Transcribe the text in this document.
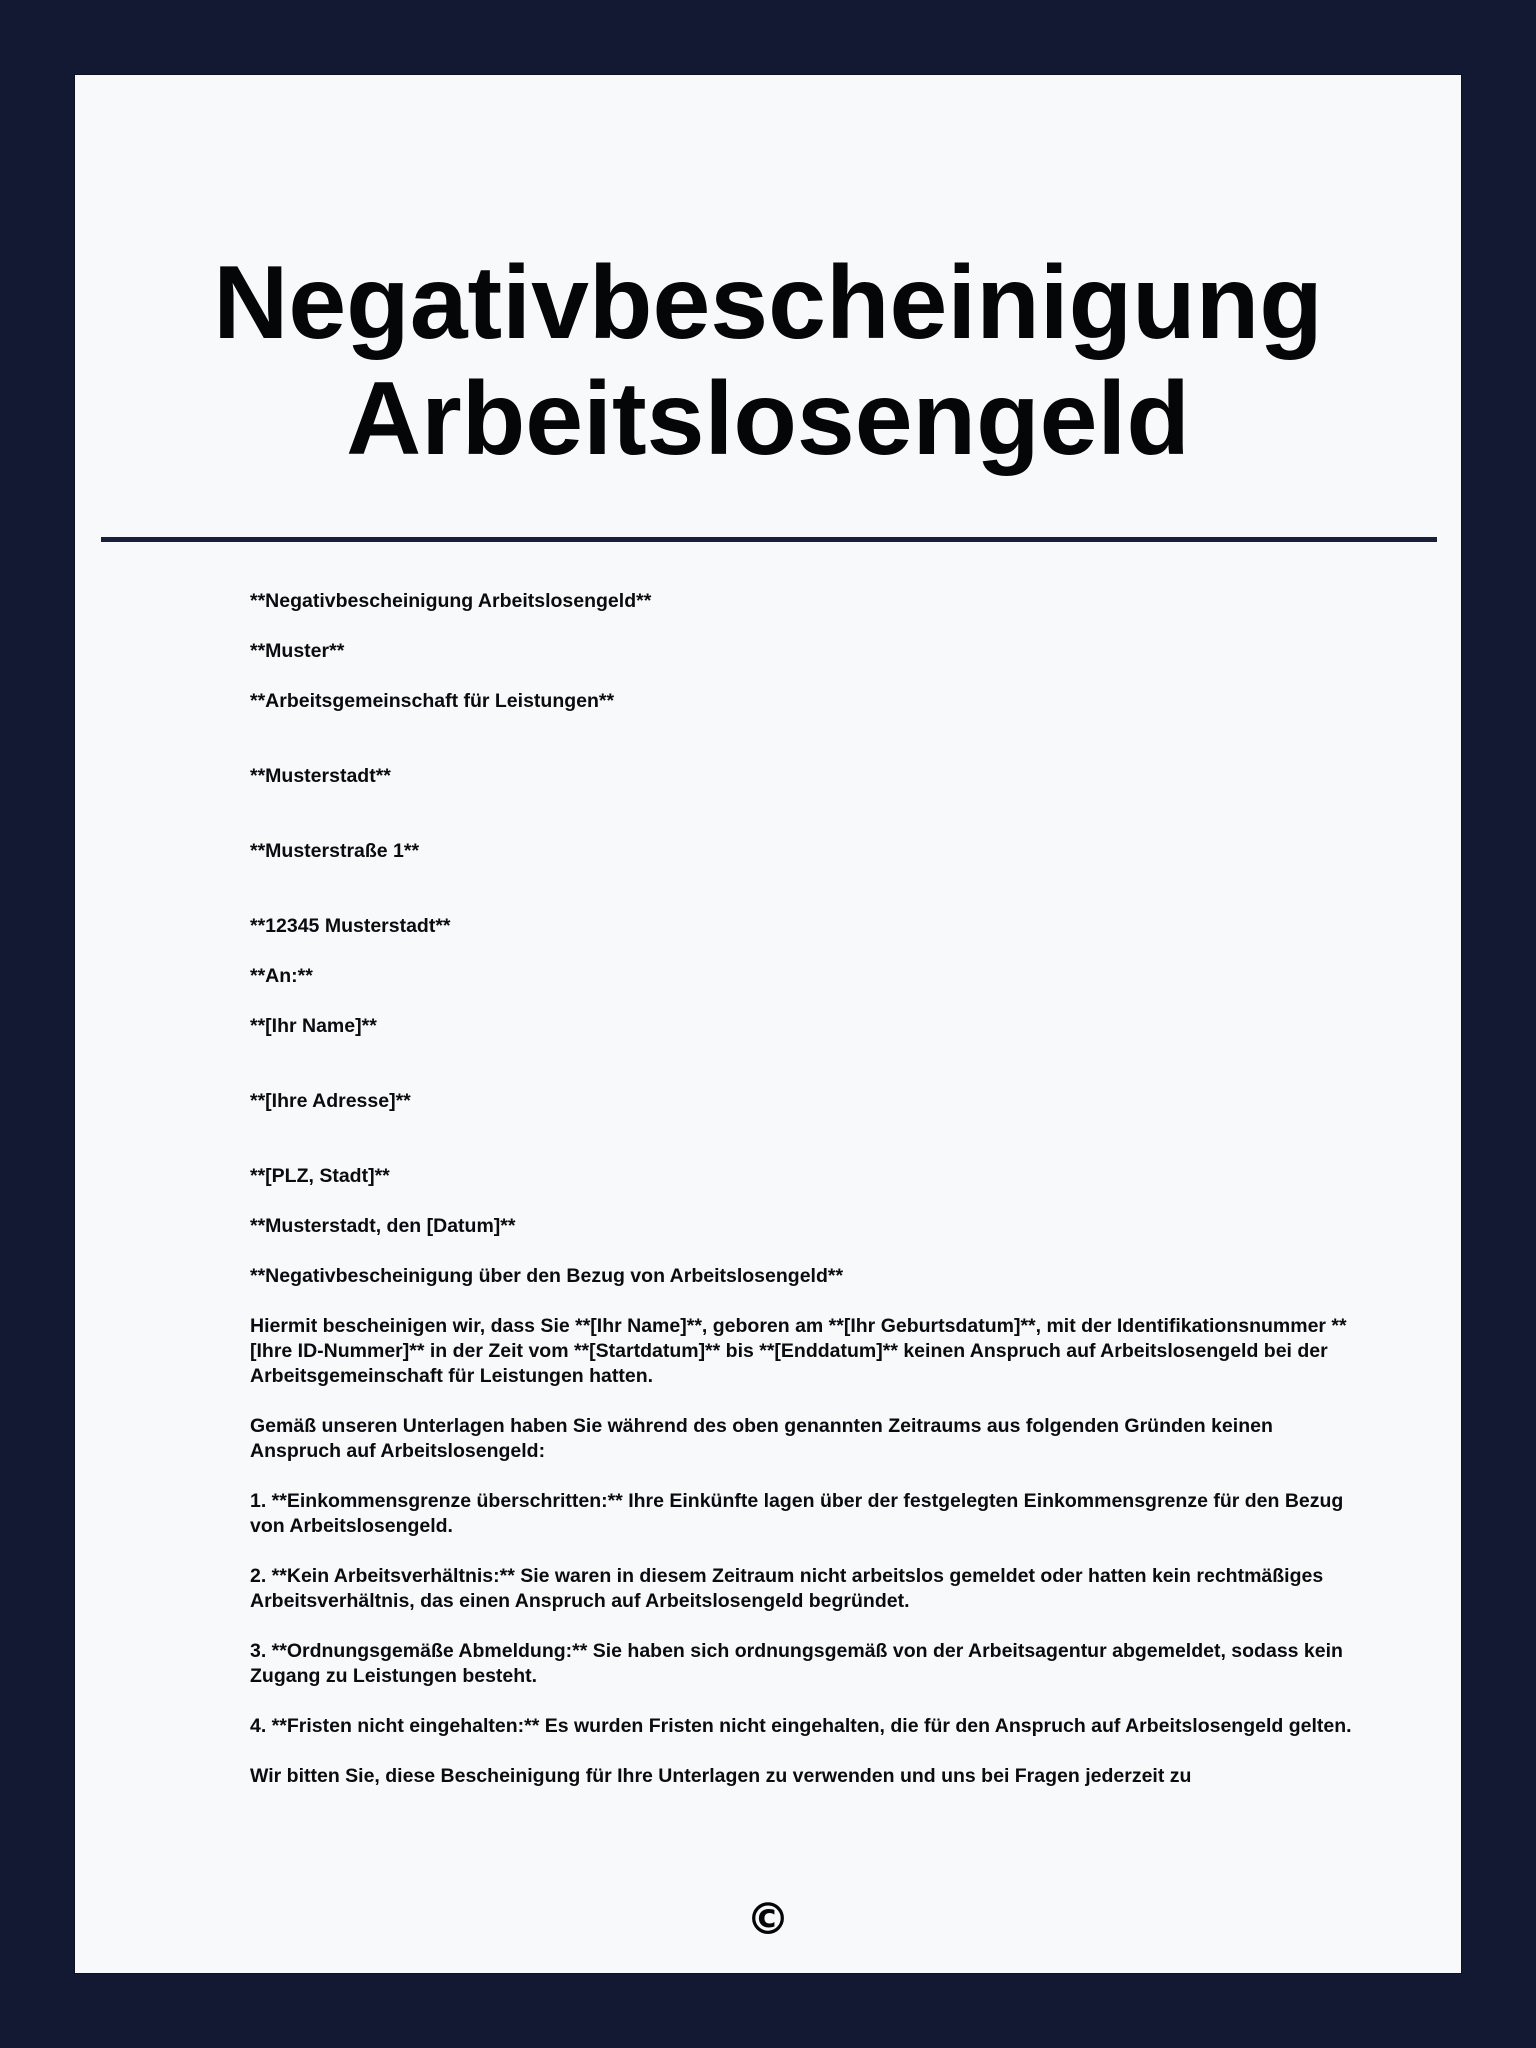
Negativbescheinigung
Arbeitslosengeld

**Negativbescheinigung Arbeitslosengeld**

**Muster**

**Arbeitsgemeinschaft für Leistungen**

**Musterstadt**

**Musterstraße 1**

**12345 Musterstadt**

**An:**

**[Ihr Name]**

**[Ihre Adresse]**

**[PLZ, Stadt]**

**Musterstadt, den [Datum]**

**Negativbescheinigung über den Bezug von Arbeitslosengeld**

Hiermit bescheinigen wir, dass Sie **[Ihr Name]**, geboren am **[Ihr Geburtsdatum]**, mit der Identifikationsnummer **[Ihre ID-Nummer]** in der Zeit vom **[Startdatum]** bis **[Enddatum]** keinen Anspruch auf Arbeitslosengeld bei der Arbeitsgemeinschaft für Leistungen hatten.

Gemäß unseren Unterlagen haben Sie während des oben genannten Zeitraums aus folgenden Gründen keinen Anspruch auf Arbeitslosengeld:

1. **Einkommensgrenze überschritten:** Ihre Einkünfte lagen über der festgelegten Einkommensgrenze für den Bezug von Arbeitslosengeld.

2. **Kein Arbeitsverhältnis:** Sie waren in diesem Zeitraum nicht arbeitslos gemeldet oder hatten kein rechtmäßiges Arbeitsverhältnis, das einen Anspruch auf Arbeitslosengeld begründet.

3. **Ordnungsgemäße Abmeldung:** Sie haben sich ordnungsgemäß von der Arbeitsagentur abgemeldet, sodass kein Zugang zu Leistungen besteht.

4. **Fristen nicht eingehalten:** Es wurden Fristen nicht eingehalten, die für den Anspruch auf Arbeitslosengeld gelten.

Wir bitten Sie, diese Bescheinigung für Ihre Unterlagen zu verwenden und uns bei Fragen jederzeit zu

©
